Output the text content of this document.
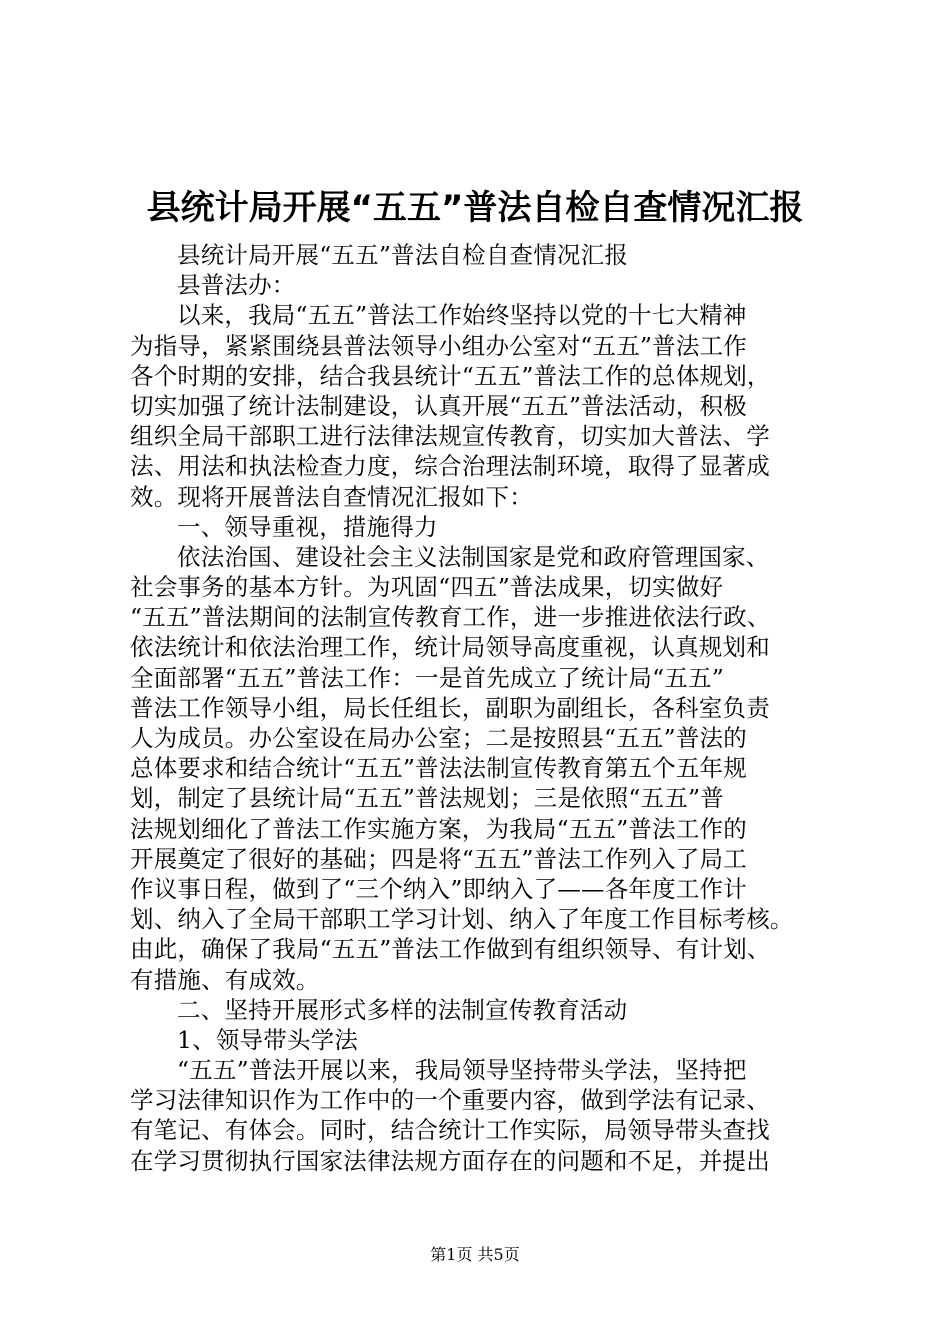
县统计局开展“五五”普法自检自查情况汇报
县统计局开展“五五”普法自检自查情况汇报
县普法办：
以来，我局“五五”普法工作始终坚持以党的十七大精神
为指导，紧紧围绕县普法领导小组办公室对“五五”普法工作
各个时期的安排，结合我县统计“五五”普法工作的总体规划，
切实加强了统计法制建设，认真开展“五五”普法活动，积极
组织全局干部职工进行法律法规宣传教育，切实加大普法、学
法、用法和执法检查力度，综合治理法制环境，取得了显著成
效。现将开展普法自查情况汇报如下：
一、领导重视，措施得力
依法治国、建设社会主义法制国家是党和政府管理国家、
社会事务的基本方针。为巩固“四五”普法成果，切实做好
“五五”普法期间的法制宣传教育工作，进一步推进依法行政、
依法统计和依法治理工作，统计局领导高度重视，认真规划和
全面部署“五五”普法工作：一是首先成立了统计局“五五”
普法工作领导小组，局长任组长，副职为副组长，各科室负责
人为成员。办公室设在局办公室；二是按照县“五五”普法的
总体要求和结合统计“五五”普法法制宣传教育第五个五年规
划，制定了县统计局“五五”普法规划；三是依照“五五”普
法规划细化了普法工作实施方案，为我局“五五”普法工作的
开展奠定了很好的基础；四是将“五五”普法工作列入了局工
作议事日程，做到了“三个纳入”即纳入了——各年度工作计
划、纳入了全局干部职工学习计划、纳入了年度工作目标考核。
由此，确保了我局“五五”普法工作做到有组织领导、有计划、
有措施、有成效。
二、坚持开展形式多样的法制宣传教育活动
1、领导带头学法
“五五”普法开展以来，我局领导坚持带头学法，坚持把
学习法律知识作为工作中的一个重要内容，做到学法有记录、
有笔记、有体会。同时，结合统计工作实际，局领导带头查找
在学习贯彻执行国家法律法规方面存在的问题和不足，并提出
第1页 共5页
